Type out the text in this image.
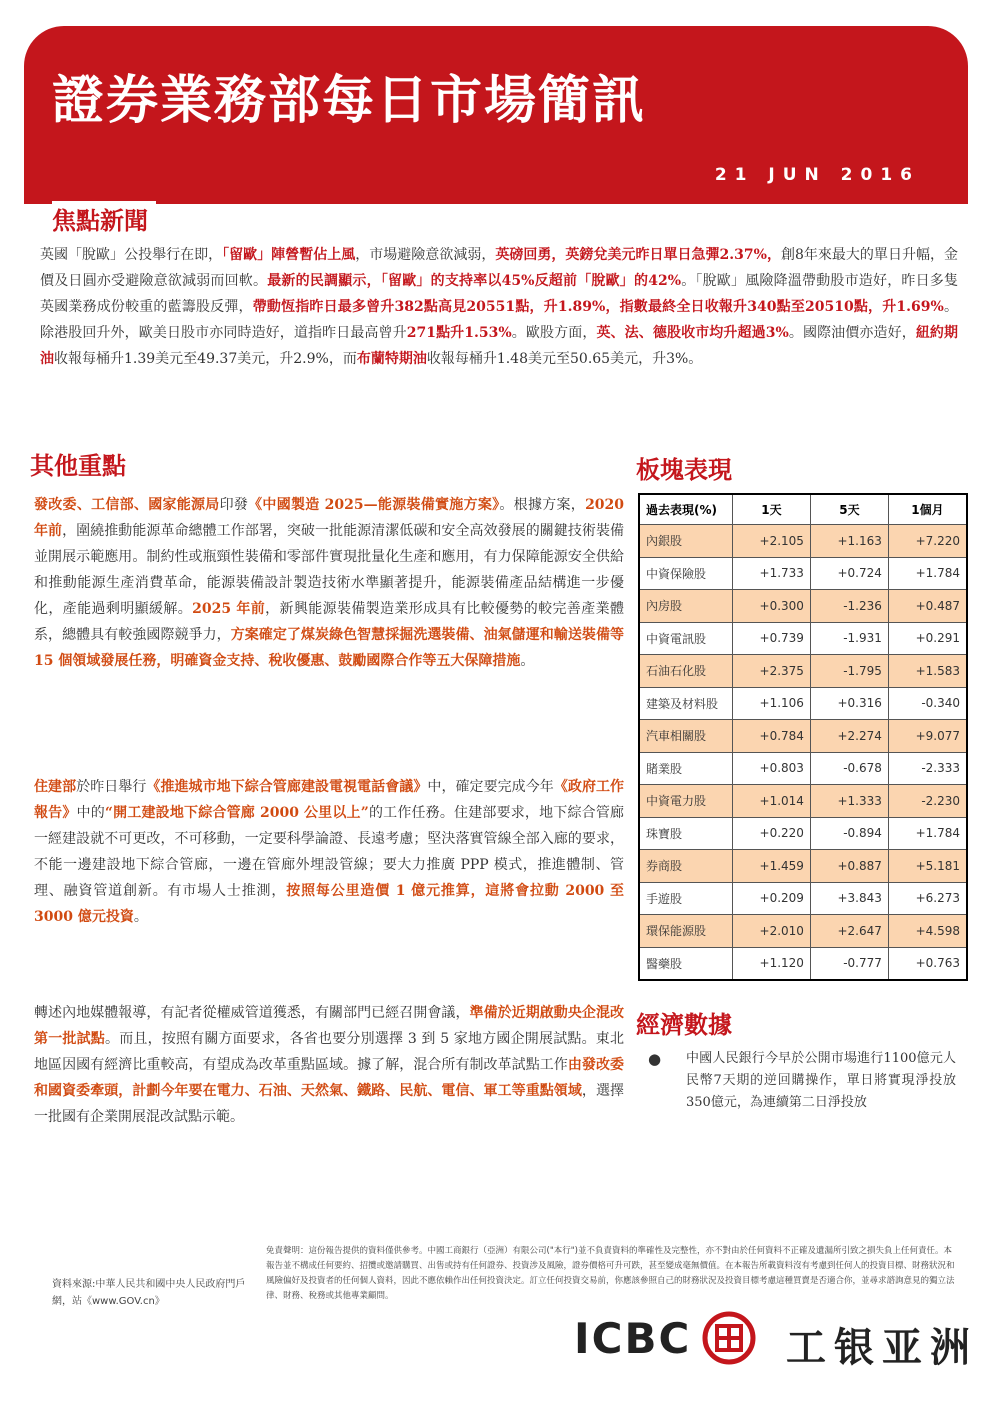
證券業務部每日市場簡訊
21 JUN 2016
焦點新聞
英國「脫歐」公投舉行在即，「留歐」陣營暫佔上風，市場避險意欲減弱，英磅回勇，英鎊兌美元昨日單日急彈2.37%，創8年來最大的單日升幅，金價及日圓亦受避險意欲減弱而回軟。最新的民調顯示，「留歐」的支持率以45%反超前「脫歐」的42%。「脫歐」風險降溫帶動股市造好，昨日多隻英國業務成份較重的藍籌股反彈，帶動恆指昨日最多曾升382點高見20551點，升1.89%，指數最終全日收報升340點至20510點，升1.69%。除港股回升外，歐美日股市亦同時造好，道指昨日最高曾升271點升1.53%。歐股方面，英、法、德股收市均升超過3%。國際油價亦造好，紐約期油收報每桶升1.39美元至49.37美元，升2.9%，而布蘭特期油收報每桶升1.48美元至50.65美元，升3%。
其他重點
發改委、工信部、國家能源局印發《中國製造 2025—能源裝備實施方案》。根據方案，2020 年前，圍繞推動能源革命總體工作部署，突破一批能源清潔低碳和安全高效發展的關鍵技術裝備並開展示範應用。制約性或瓶頸性裝備和零部件實現批量化生產和應用，有力保障能源安全供給和推動能源生產消費革命，能源裝備設計製造技術水準顯著提升，能源裝備產品結構進一步優化，產能過剩明顯緩解。2025 年前，新興能源裝備製造業形成具有比較優勢的較完善產業體系，總體具有較強國際競爭力，方案確定了煤炭綠色智慧採掘洗選裝備、油氣儲運和輸送裝備等 15 個領域發展任務，明確資金支持、稅收優惠、鼓勵國際合作等五大保障措施。
住建部於昨日舉行《推進城市地下綜合管廊建設電視電話會議》中，確定要完成今年《政府工作報告》中的“開工建設地下綜合管廊 2000 公里以上”的工作任務。住建部要求，地下綜合管廊一經建設就不可更改，不可移動，一定要科學論證、長遠考慮；堅決落實管線全部入廊的要求，不能一邊建設地下綜合管廊，一邊在管廊外埋設管線；要大力推廣 PPP 模式，推進體制、管理、融資管道創新。有市場人士推測，按照每公里造價 1 億元推算，這將會拉動 2000 至 3000 億元投資。
轉述內地媒體報導，有記者從權威管道獲悉，有關部門已經召開會議，準備於近期啟動央企混改第一批試點。而且，按照有關方面要求，各省也要分別選擇 3 到 5 家地方國企開展試點。東北地區因國有經濟比重較高，有望成為改革重點區域。據了解，混合所有制改革試點工作由發改委和國資委牽頭，計劃今年要在電力、石油、天然氣、鐵路、民航、電信、軍工等重點領域，選擇一批國有企業開展混改試點示範。
板塊表現
過去表現(%)	1天	5天	1個月
內銀股	+2.105	+1.163	+7.220
中資保險股	+1.733	+0.724	+1.784
內房股	+0.300	-1.236	+0.487
中資電訊股	+0.739	-1.931	+0.291
石油石化股	+2.375	-1.795	+1.583
建築及材料股	+1.106	+0.316	-0.340
汽車相關股	+0.784	+2.274	+9.077
賭業股	+0.803	-0.678	-2.333
中資電力股	+1.014	+1.333	-2.230
珠寶股	+0.220	-0.894	+1.784
券商股	+1.459	+0.887	+5.181
手遊股	+0.209	+3.843	+6.273
環保能源股	+2.010	+2.647	+4.598
醫藥股	+1.120	-0.777	+0.763
經濟數據
● 中國人民銀行今早於公開市場進行1100億元人民幣7天期的逆回購操作，單日將實現淨投放350億元，為連續第二日淨投放
免責聲明：這份報告提供的資料僅供參考。中國工商銀行（亞洲）有限公司("本行")並不負責資料的準確性及完整性，亦不對由於任何資料不正確及遺漏所引致之損失負上任何責任。本報告並不構成任何要約、招攬或邀請購買、出售或持有任何證券、投資涉及風險，證券價格可升可跌，甚至變成毫無價值。在本報告所載資料沒有考慮到任何人的投資目標、財務狀況和風險偏好及投資者的任何個人資料，因此不應依賴作出任何投資決定。訂立任何投資交易前，你應該參照自己的財務狀況及投資目標考慮這種買賣是否適合你，並尋求諮詢意見的獨立法律、財務、稅務或其他專業顧問。
資料來源:中華人民共和國中央人民政府門戶網，站《www.GOV.cn》
ICBC 工银亚洲
